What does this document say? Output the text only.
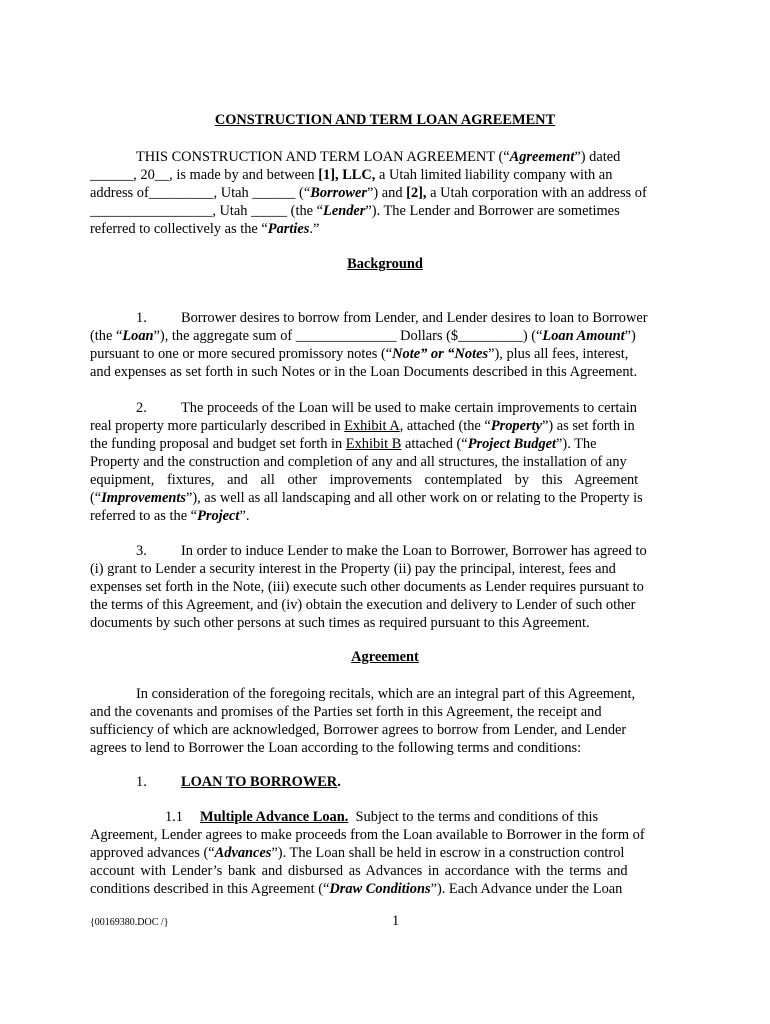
CONSTRUCTION AND TERM LOAN AGREEMENT
THIS CONSTRUCTION AND TERM LOAN AGREEMENT (“Agreement”) dated
______, 20__, is made by and between [1], LLC, a Utah limited liability company with an
address of_________, Utah ______ (“Borrower”) and [2], a Utah corporation with an address of
_________________, Utah _____ (the “Lender”). The Lender and Borrower are sometimes
referred to collectively as the “Parties.”
Background
1. Borrower desires to borrow from Lender, and Lender desires to loan to Borrower
(the “Loan”), the aggregate sum of ______________ Dollars ($_________) (“Loan Amount”)
pursuant to one or more secured promissory notes (“Note” or “Notes”), plus all fees, interest,
and expenses as set forth in such Notes or in the Loan Documents described in this Agreement.
2. The proceeds of the Loan will be used to make certain improvements to certain
real property more particularly described in Exhibit A, attached (the “Property”) as set forth in
the funding proposal and budget set forth in Exhibit B attached (“Project Budget”). The
Property and the construction and completion of any and all structures, the installation of any
equipment, fixtures, and all other improvements contemplated by this Agreement
(“Improvements”), as well as all landscaping and all other work on or relating to the Property is
referred to as the “Project”.
3. In order to induce Lender to make the Loan to Borrower, Borrower has agreed to
(i) grant to Lender a security interest in the Property (ii) pay the principal, interest, fees and
expenses set forth in the Note, (iii) execute such other documents as Lender requires pursuant to
the terms of this Agreement, and (iv) obtain the execution and delivery to Lender of such other
documents by such other persons at such times as required pursuant to this Agreement.
Agreement
In consideration of the foregoing recitals, which are an integral part of this Agreement,
and the covenants and promises of the Parties set forth in this Agreement, the receipt and
sufficiency of which are acknowledged, Borrower agrees to borrow from Lender, and Lender
agrees to lend to Borrower the Loan according to the following terms and conditions:
1. LOAN TO BORROWER.
1.1 Multiple Advance Loan. Subject to the terms and conditions of this
Agreement, Lender agrees to make proceeds from the Loan available to Borrower in the form of
approved advances (“Advances”). The Loan shall be held in escrow in a construction control
account with Lender’s bank and disbursed as Advances in accordance with the terms and
conditions described in this Agreement (“Draw Conditions”). Each Advance under the Loan
{00169380.DOC /}	1
